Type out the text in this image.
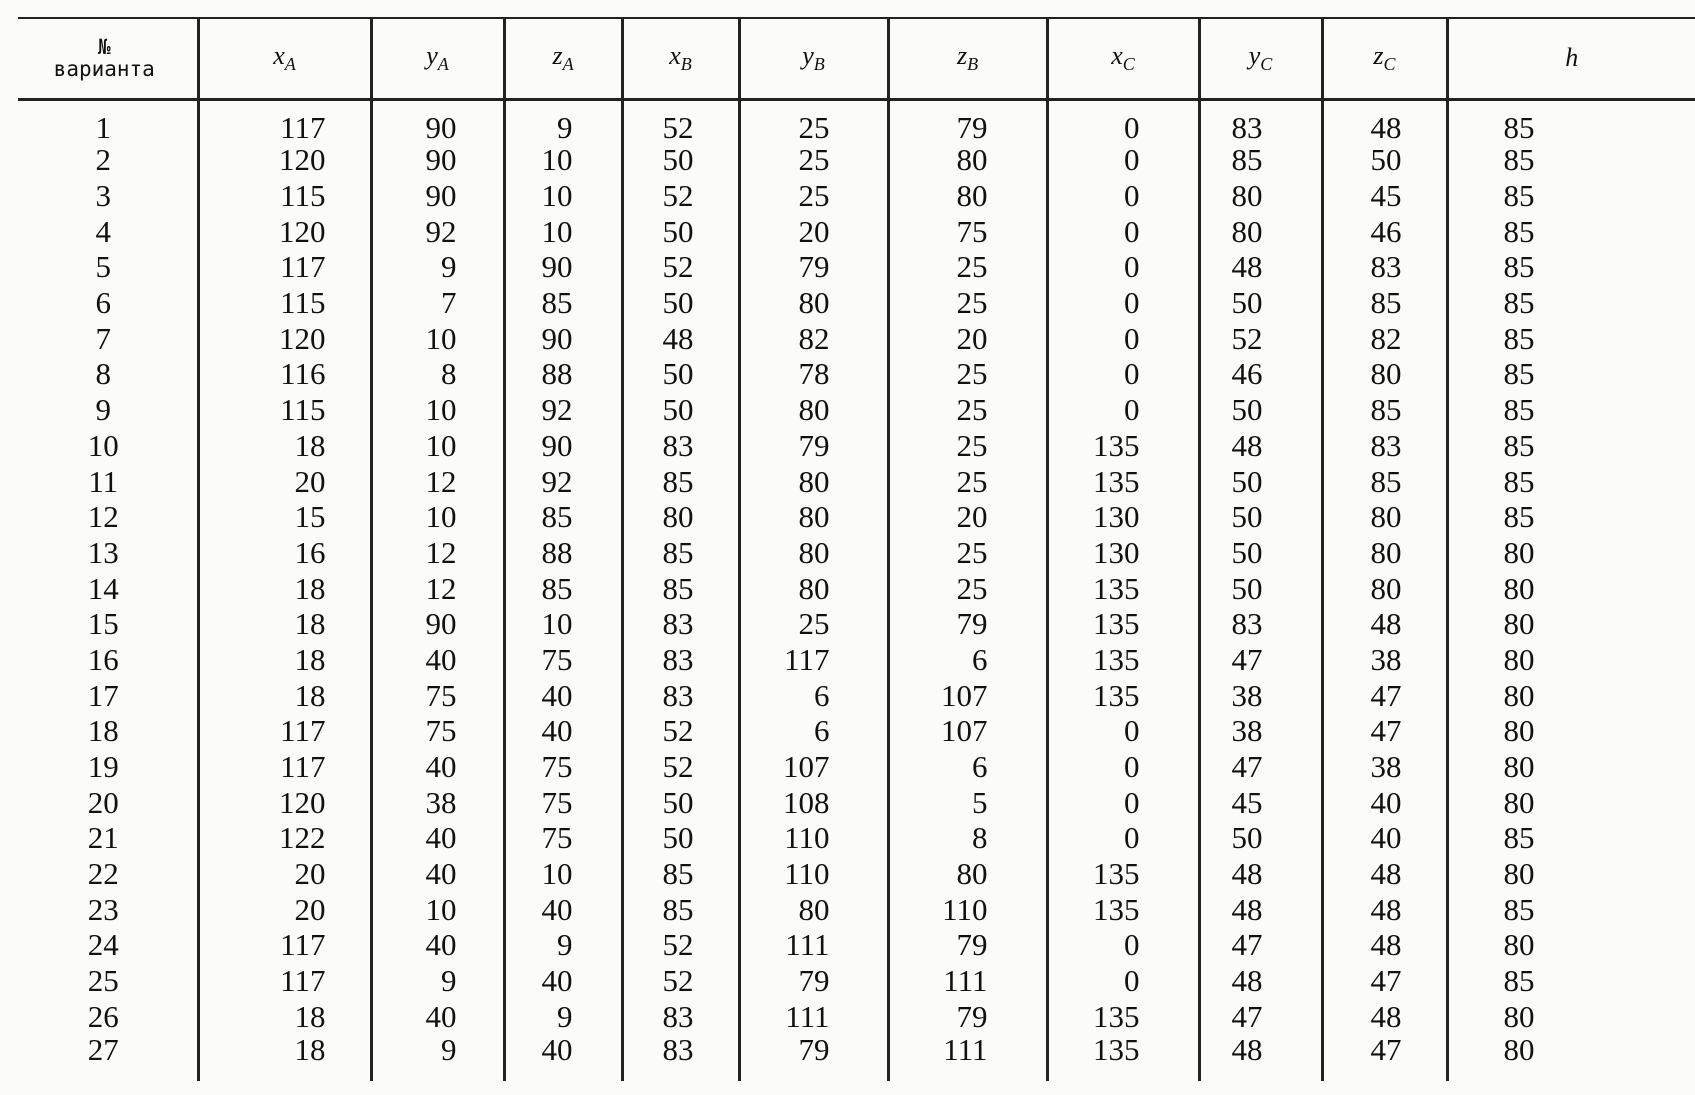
№
варианта	$x_A$	$y_A$	$z_A$	$x_B$	$y_B$	$z_B$	$x_C$	$y_C$	$z_C$	h
1	117	90	9	52	25	79	0	83	48	85
2	120	90	10	50	25	80	0	85	50	85
3	115	90	10	52	25	80	0	80	45	85
4	120	92	10	50	20	75	0	80	46	85
5	117	9	90	52	79	25	0	48	83	85
6	115	7	85	50	80	25	0	50	85	85
7	120	10	90	48	82	20	0	52	82	85
8	116	8	88	50	78	25	0	46	80	85
9	115	10	92	50	80	25	0	50	85	85
10	18	10	90	83	79	25	135	48	83	85
11	20	12	92	85	80	25	135	50	85	85
12	15	10	85	80	80	20	130	50	80	85
13	16	12	88	85	80	25	130	50	80	80
14	18	12	85	85	80	25	135	50	80	80
15	18	90	10	83	25	79	135	83	48	80
16	18	40	75	83	117	6	135	47	38	80
17	18	75	40	83	6	107	135	38	47	80
18	117	75	40	52	6	107	0	38	47	80
19	117	40	75	52	107	6	0	47	38	80
20	120	38	75	50	108	5	0	45	40	80
21	122	40	75	50	110	8	0	50	40	85
22	20	40	10	85	110	80	135	48	48	80
23	20	10	40	85	80	110	135	48	48	85
24	117	40	9	52	111	79	0	47	48	80
25	117	9	40	52	79	111	0	48	47	85
26	18	40	9	83	111	79	135	47	48	80
27	18	9	40	83	79	111	135	48	47	80
